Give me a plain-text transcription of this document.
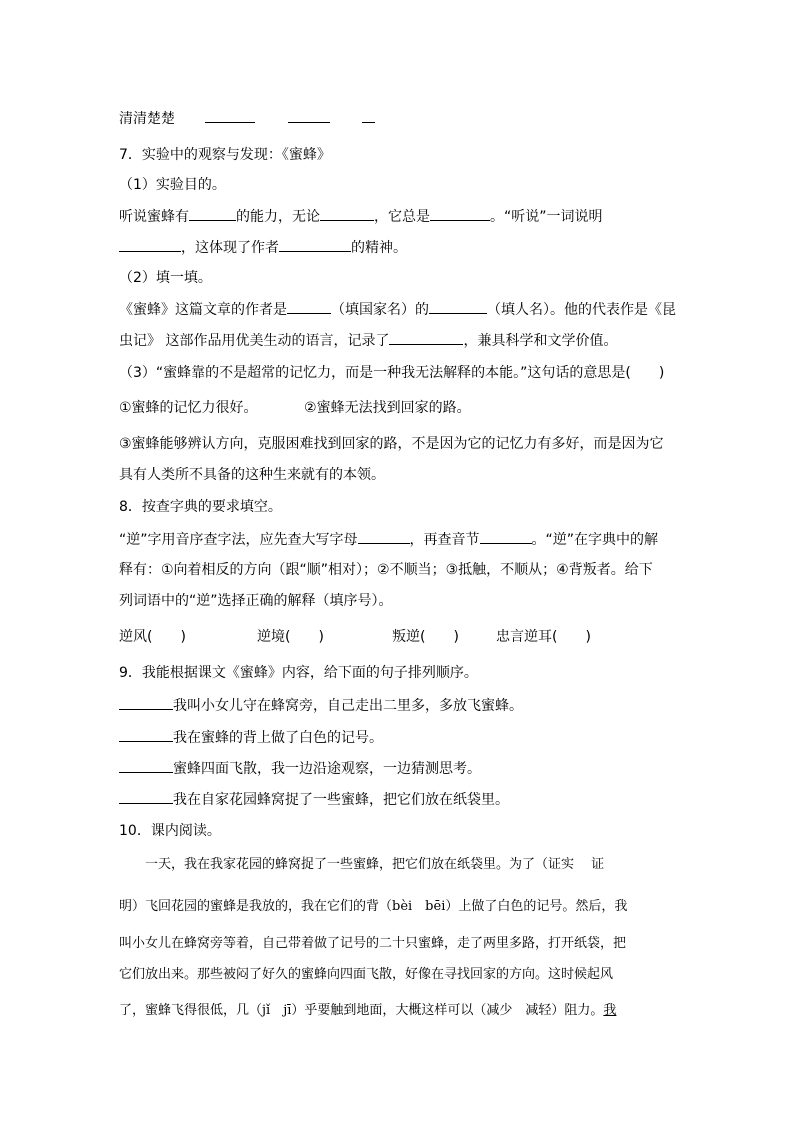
清清楚楚
7．实验中的观察与发现：《蜜蜂》
（1）实验目的。
听说蜜蜂有	的能力，无论	，它总是	。“听说”一词说明
，这体现了作者	的精神。
（2）填一填。
《蜜蜂》这篇文章的作者是	（填国家名）的	（填人名）。他的代表作是《昆
虫记》 这部作品用优美生动的语言，记录了	，兼具科学和文学价值。
（3）“蜜蜂靠的不是超常的记忆力，而是一种我无法解释的本能。”这句话的意思是(　　)
①蜜蜂的记忆力很好。	②蜜蜂无法找到回家的路。
③蜜蜂能够辨认方向，克服困难找到回家的路，不是因为它的记忆力有多好，而是因为它
具有人类所不具备的这种生来就有的本领。
8．按查字典的要求填空。
“逆”字用音序查字法，应先查大写字母	，再查音节	。“逆”在字典中的解
释有：①向着相反的方向（跟“顺”相对）；②不顺当；③抵触，不顺从；④背叛者。给下
列词语中的“逆”选择正确的解释（填序号）。
逆风(　　)	逆境(　　)	叛逆(　　)	忠言逆耳(　　)
9．我能根据课文《蜜蜂》内容，给下面的句子排列顺序。
我叫小女儿守在蜂窝旁，自己走出二里多，多放飞蜜蜂。
我在蜜蜂的背上做了白色的记号。
蜜蜂四面飞散，我一边沿途观察，一边猜测思考。
我在自家花园蜂窝捉了一些蜜蜂，把它们放在纸袋里。
10．课内阅读。
一天，我在我家花园的蜂窝捉了一些蜜蜂，把它们放在纸袋里。为了（证实　 证
明）飞回花园的蜜蜂是我放的，我在它们的背（bèi　bēi）上做了白色的记号。然后，我
叫小女儿在蜂窝旁等着，自己带着做了记号的二十只蜜蜂，走了两里多路，打开纸袋，把
它们放出来。那些被闷了好久的蜜蜂向四面飞散，好像在寻找回家的方向。这时候起风
了，蜜蜂飞得很低，几（jǐ　jī）乎要触到地面，大概这样可以（减少　减轻）阻力。我
